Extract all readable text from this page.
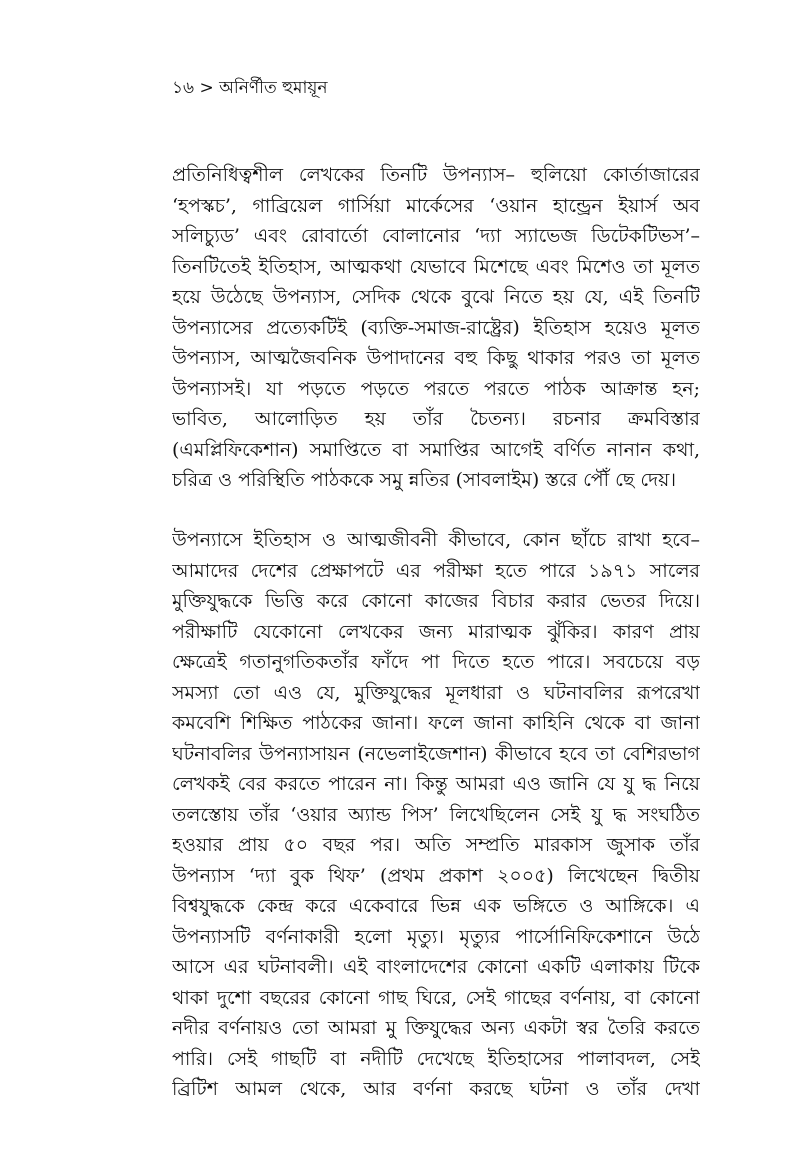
১৬ > অনির্ণীত হুমায়ূন
প্রতিনিধিত্বশীল লেখকের তিনটি উপন্যাস– হুলিয়ো কোর্তাজারের
‘হপস্কচ’, গাব্রিয়েল গার্সিয়া মার্কেসের ‘ওয়ান হান্ড্রেন ইয়ার্স অব
সলিচ্যুড’ এবং রোবার্তো বোলানোর ‘দ্যা স্যাভেজ ডিটেকটিভস’–
তিনটিতেই ইতিহাস, আত্মকথা যেভাবে মিশেছে এবং মিশেও তা মূলত
হয়ে উঠেছে উপন্যাস, সেদিক থেকে বুঝে নিতে হয় যে, এই তিনটি
উপন্যাসের প্রত্যেকটিই (ব্যক্তি-সমাজ-রাষ্ট্রের) ইতিহাস হয়েও মূলত
উপন্যাস, আত্মজৈবনিক উপাদানের বহু কিছু থাকার পরও তা মূলত
উপন্যাসই। যা পড়তে পড়তে পরতে পরতে পাঠক আক্রান্ত হন;
ভাবিত, আলোড়িত হয় তাঁর চৈতন্য। রচনার ক্রমবিস্তার
(এমপ্লিফিকেশান) সমাপ্তিতে বা সমাপ্তির আগেই বর্ণিত নানান কথা,
চরিত্র ও পরিস্থিতি পাঠককে সমু ন্নতির (সাবলাইম) স্তরে পৌঁ ছে দেয়।
উপন্যাসে ইতিহাস ও আত্মজীবনী কীভাবে, কোন ছাঁচে রাখা হবে–
আমাদের দেশের প্রেক্ষাপটে এর পরীক্ষা হতে পারে ১৯৭১ সালের
মুক্তিযুদ্ধকে ভিত্তি করে কোনো কাজের বিচার করার ভেতর দিয়ে।
পরীক্ষাটি যেকোনো লেখকের জন্য মারাত্মক ঝুঁকির। কারণ প্রায়
ক্ষেত্রেই গতানুগতিকতাঁর ফাঁদে পা দিতে হতে পারে। সবচেয়ে বড়
সমস্যা তো এও যে, মুক্তিযুদ্ধের মূলধারা ও ঘটনাবলির রূপরেখা
কমবেশি শিক্ষিত পাঠকের জানা। ফলে জানা কাহিনি থেকে বা জানা
ঘটনাবলির উপন্যাসায়ন (নভেলাইজেশান) কীভাবে হবে তা বেশিরভাগ
লেখকই বের করতে পারেন না। কিন্তু আমরা এও জানি যে যু দ্ধ নিয়ে
তলস্তোয় তাঁর ‘ওয়ার অ্যান্ড পিস’ লিখেছিলেন সেই যু দ্ধ সংঘঠিত
হওয়ার প্রায় ৫০ বছর পর। অতি সম্প্রতি মারকাস জুসাক তাঁর
উপন্যাস ‘দ্যা বুক থিফ’ (প্রথম প্রকাশ ২০০৫) লিখেছেন দ্বিতীয়
বিশ্বযুদ্ধকে কেন্দ্র করে একেবারে ভিন্ন এক ভঙ্গিতে ও আঙ্গিকে। এ
উপন্যাসটি বর্ণনাকারী হলো মৃত্যু। মৃত্যুর পার্সোনিফিকেশানে উঠে
আসে এর ঘটনাবলী। এই বাংলাদেশের কোনো একটি এলাকায় টিকে
থাকা দুশো বছরের কোনো গাছ ঘিরে, সেই গাছের বর্ণনায়, বা কোনো
নদীর বর্ণনায়ও তো আমরা মু ক্তিযুদ্ধের অন্য একটা স্বর তৈরি করতে
পারি। সেই গাছটি বা নদীটি দেখেছে ইতিহাসের পালাবদল, সেই
ব্রিটিশ আমল থেকে, আর বর্ণনা করছে ঘটনা ও তাঁর দেখা
